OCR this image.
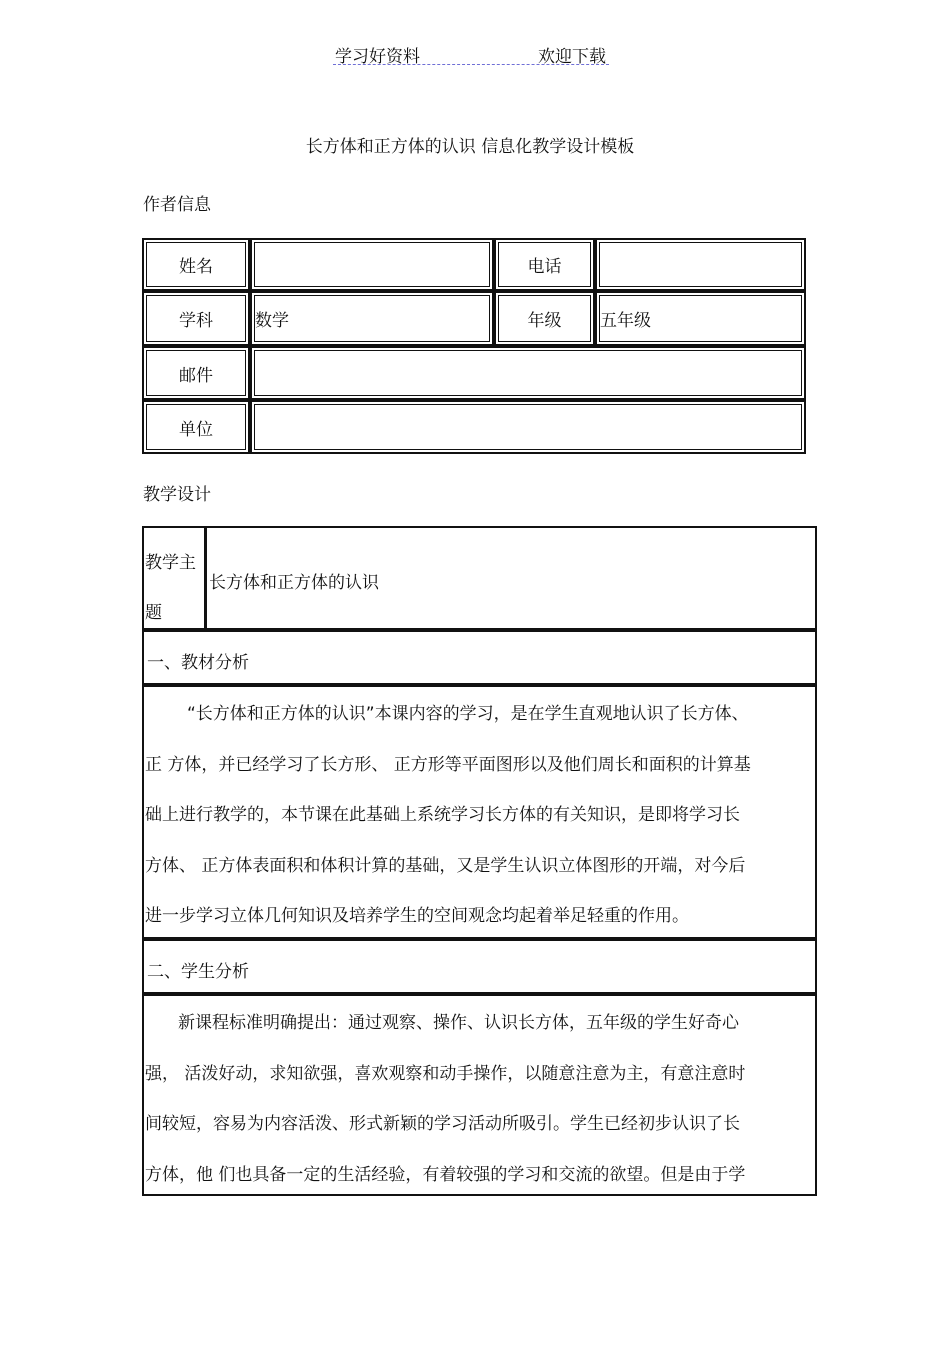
学习好资料	欢迎下载
长方体和正方体的认识 信息化教学设计模板
作者信息
姓名	电话
学科 数学	年级 五年级
邮件
单位
教学设计
教学主
题
长方体和正方体的认识
一、教材分析

“长方体和正方体的认识”本课内容的学习，是在学生直观地认识了长方体、

正 方体，并已经学习了长方形、 正方形等平面图形以及他们周长和面积的计算基

础上进行教学的，本节课在此基础上系统学习长方体的有关知识，是即将学习长

方体、 正方体表面积和体积计算的基础，又是学生认识立体图形的开端，对今后

进一步学习立体几何知识及培养学生的空间观念均起着举足轻重的作用。

二、学生分析

新课程标准明确提出：通过观察、操作、认识长方体，五年级的学生好奇心

强， 活泼好动，求知欲强，喜欢观察和动手操作，以随意注意为主，有意注意时

间较短，容易为内容活泼、形式新颖的学习活动所吸引。学生已经初步认识了长

方体，他 们也具备一定的生活经验，有着较强的学习和交流的欲望。但是由于学
